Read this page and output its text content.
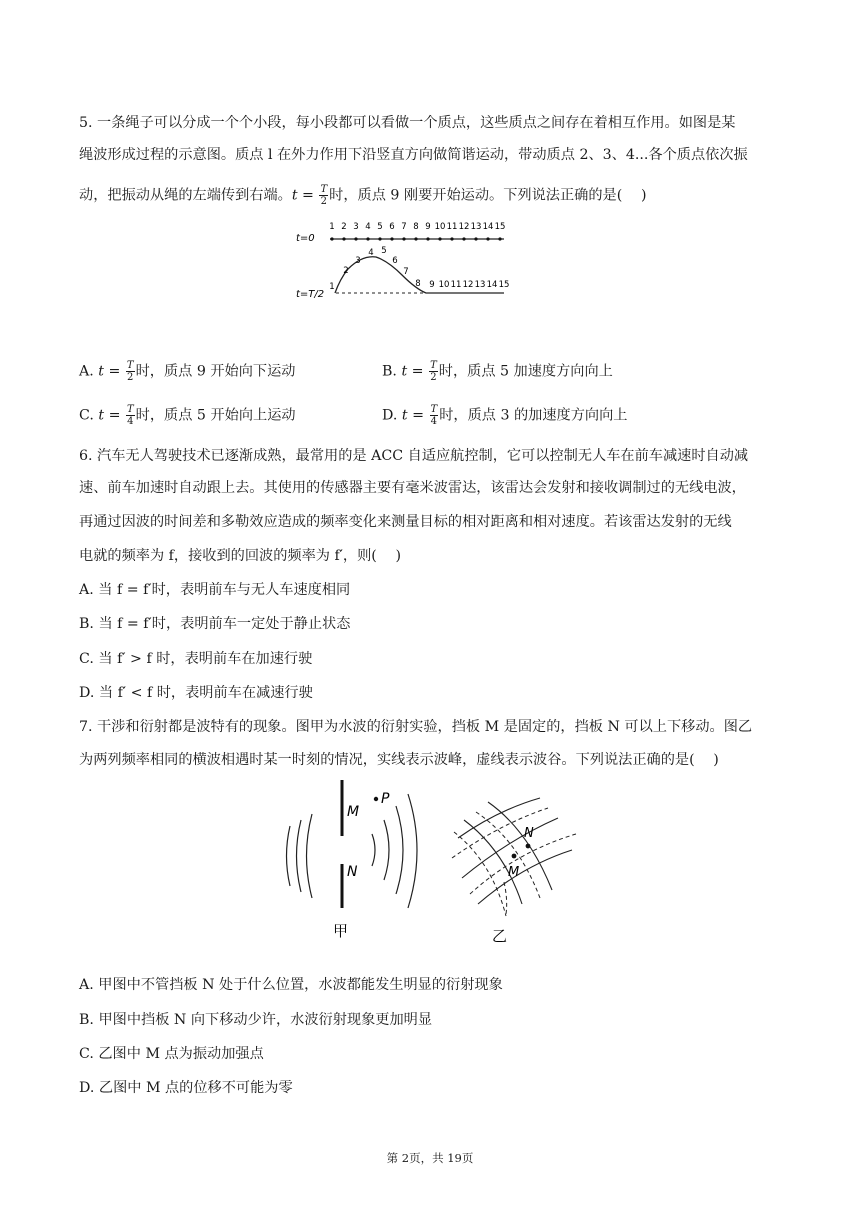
5. 一条绳子可以分成一个个小段，每小段都可以看做一个质点，这些质点之间存在着相互作用。如图是某
绳波形成过程的示意图。质点 l 在外力作用下沿竖直方向做简谐运动，带动质点 2、3、4...各个质点依次振
动，把振动从绳的左端传到右端。$t = \frac{T}{2}$ 时，质点 9 刚要开始运动。下列说法正确的是(　 )
t=0
1 2 3 4 5 6 7 8 9 10 11 12 13 14 15
t=T/2
1
2
3
4 5
6
7
8 9 10 11 12 13 14 15
A. $t = \frac{T}{2}$ 时，质点 9 开始向下运动	B. $t = \frac{T}{2}$ 时，质点 5 加速度方向向上
C. $t = \frac{T}{4}$ 时，质点 5 开始向上运动	D. $t = \frac{T}{4}$ 时，质点 3 的加速度方向向上
6. 汽车无人驾驶技术已逐渐成熟，最常用的是 ACC 自适应航控制，它可以控制无人车在前车减速时自动减
速、前车加速时自动跟上去。其使用的传感器主要有毫米波雷达，该雷达会发射和接收调制过的无线电波，
再通过因波的时间差和多勒效应造成的频率变化来测量目标的相对距离和相对速度。若该雷达发射的无线
电就的频率为 f，接收到的回波的频率为 f′，则(　 )
A. 当 f = f′时，表明前车与无人车速度相同
B. 当 f = f′时，表明前车一定处于静止状态
C. 当 f′ > f 时，表明前车在加速行驶
D. 当 f′ < f 时，表明前车在减速行驶
7. 干涉和衍射都是波特有的现象。图甲为水波的衍射实验，挡板 M 是固定的，挡板 N 可以上下移动。图乙
为两列频率相同的横波相遇时某一时刻的情况，实线表示波峰，虚线表示波谷。下列说法正确的是(　 )
M
N
P
甲
N
M
乙
A. 甲图中不管挡板 N 处于什么位置，水波都能发生明显的衍射现象
B. 甲图中挡板 N 向下移动少许，水波衍射现象更加明显
C. 乙图中 M 点为振动加强点
D. 乙图中 M 点的位移不可能为零
第 2页，共 19页
